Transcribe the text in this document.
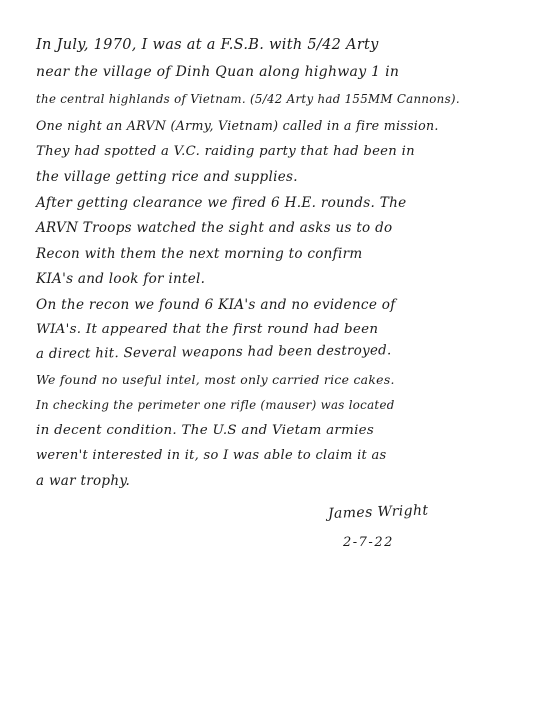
In July, 1970, I was at a F.S.B. with 5/42 Arty
near the village of Dinh Quan along highway 1 in
the central highlands of Vietnam. (5/42 Arty had 155MM Cannons).
One night an ARVN (Army, Vietnam) called in a fire mission.
They had spotted a V.C. raiding party that had been in
the village getting rice and supplies.
After getting clearance we fired 6 H.E. rounds. The
ARVN Troops watched the sight and asks us to do
Recon with them the next morning to confirm
KIA's and look for intel.
On the recon we found 6 KIA's and no evidence of
WIA's. It appeared that the first round had been
a direct hit. Several weapons had been destroyed.
We found no useful intel, most only carried rice cakes.
In checking the perimeter one rifle (mauser) was located
in decent condition. The U.S and Vietam armies
weren't interested in it, so I was able to claim it as
a war trophy.
James Wright
2-7-22
